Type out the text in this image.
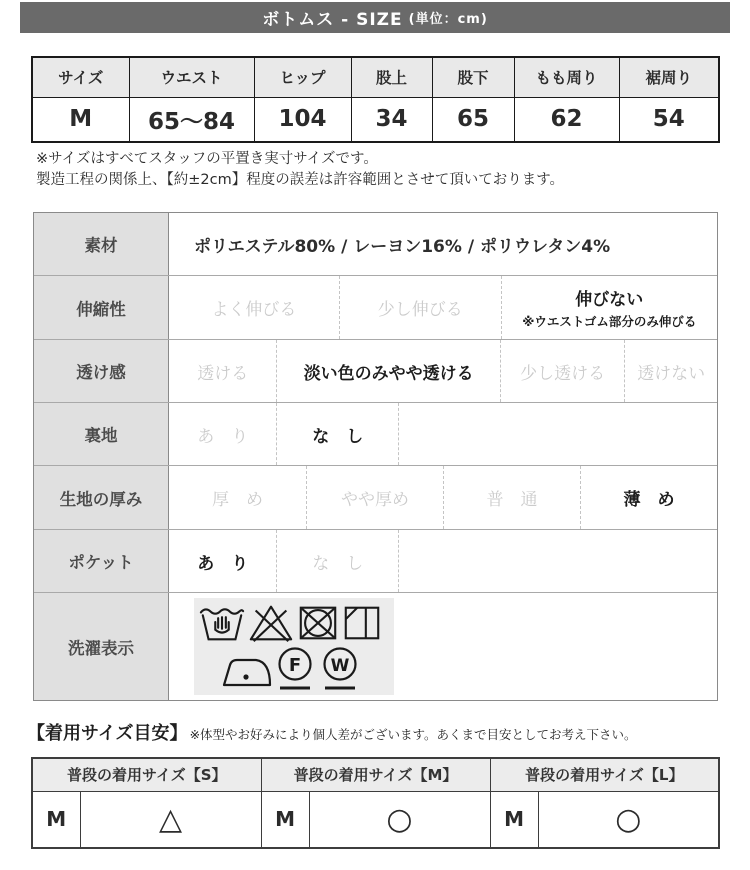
ボトムス - SIZE (単位：cm)
サイズ	ウエスト	ヒップ	股上	股下	もも周り	裾周り
M	65〜84	104	34	65	62	54
※サイズはすべてスタッフの平置き実寸サイズです。
製造工程の関係上、【約±2cm】程度の誤差は許容範囲とさせて頂いております。
素材	ポリエステル80% / レーヨン16% / ポリウレタン4%
伸縮性	よく伸びる	少し伸びる	伸びない
※ウエストゴム部分のみ伸びる
透け感	透ける	淡い色のみやや透ける	少し透ける	透けない
裏地	あ　り	な　し
生地の厚み	厚　め	やや厚め	普　通	薄　め
ポケット	あ　り	な　し
洗濯表示
F W
【着用サイズ目安】 ※体型やお好みにより個人差がございます。あくまで目安としてお考え下さい。
普段の着用サイズ【S】		普段の着用サイズ【M】		普段の着用サイズ【L】	
M	△	M	○	M	○
